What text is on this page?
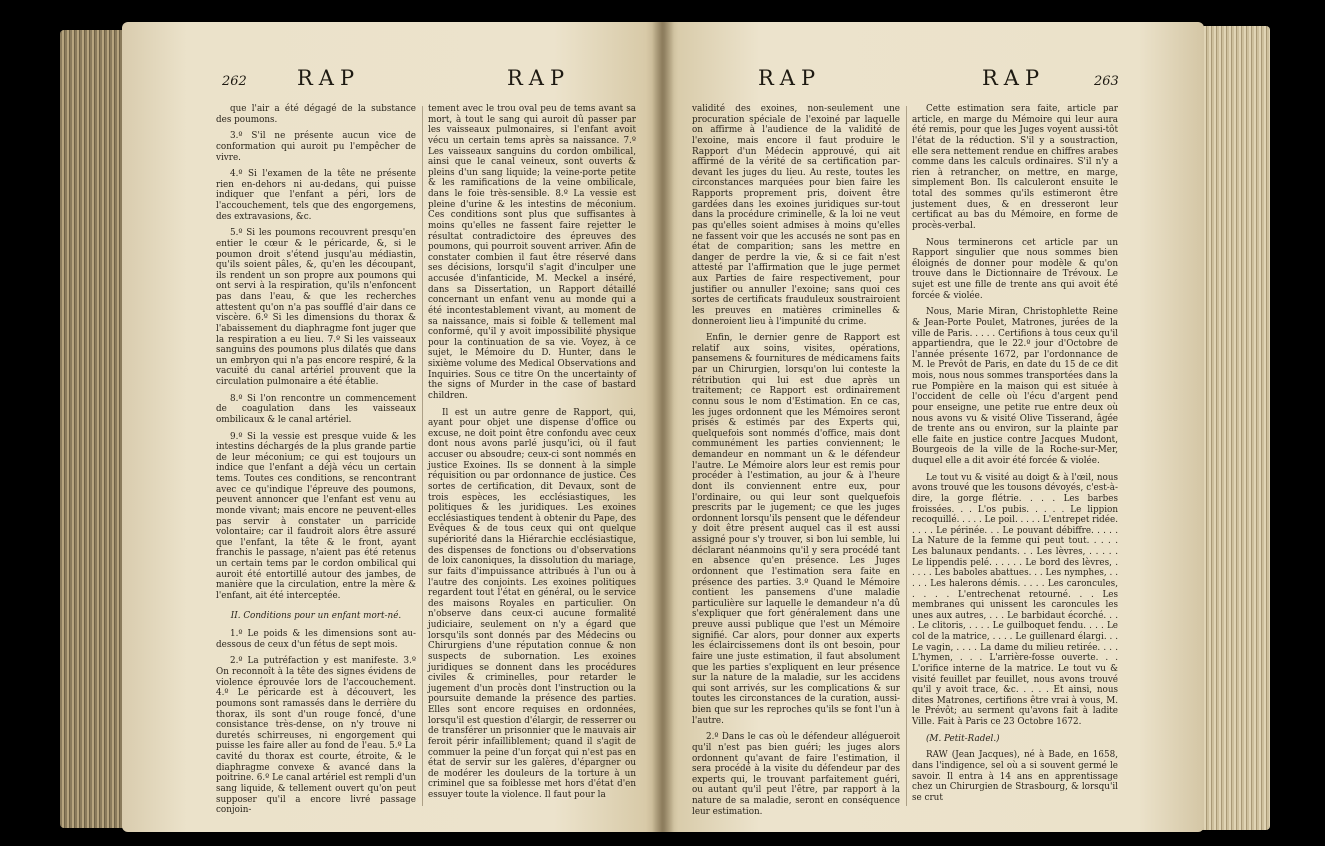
262 RAP	RAP

que l'air a été dégagé de la substance des poumons.

3.º S'il ne présente aucun vice de conformation qui auroit pu l'empêcher de vivre.

4.º Si l'examen de la tête ne présente rien en-dehors ni au-dedans, qui puisse indiquer que l'enfant a péri, lors de l'accouchement, tels que des engorgemens, des extravasions, &c.

5.º Si les poumons recouvrent presqu'en entier le cœur & le péricarde, &, si le poumon droit s'étend jusqu'au médiastin, qu'ils soient pâles, &, qu'en les découpant, ils rendent un son propre aux poumons qui ont servi à la respiration, qu'ils n'enfoncent pas dans l'eau, & que les recherches attestent qu'on n'a pas soufflé d'air dans ce viscère. 6.º Si les dimensions du thorax & l'abaissement du diaphragme font juger que la respiration a eu lieu. 7.º Si les vaisseaux sanguins des poumons plus dilatés que dans un embryon qui n'a pas encore respiré, & la vacuité du canal artériel prouvent que la circulation pulmonaire a été établie.

8.º Si l'on rencontre un commencement de coagulation dans les vaisseaux ombilicaux & le canal artériel.

9.º Si la vessie est presque vuide & les intestins déchargés de la plus grande partie de leur méconium; ce qui est toujours un indice que l'enfant a déjà vécu un certain tems. Toutes ces conditions, se rencontrant avec ce qu'indique l'épreuve des poumons, peuvent annoncer que l'enfant est venu au monde vivant; mais encore ne peuvent-elles pas servir à constater un parricide volontaire; car il faudroit alors être assuré que l'enfant, la tête & le front, ayant franchis le passage, n'aient pas été retenus un certain tems par le cordon ombilical qui auroit été entortillé autour des jambes, de manière que la circulation, entre la mère & l'enfant, ait été interceptée.

II. Conditions pour un enfant mort-né.

1.º Le poids & les dimensions sont au-dessous de ceux d'un fétus de sept mois.

2.º La putréfaction y est manifeste. 3.º On reconnoît à la tête des signes évidens de violence éprouvée lors de l'accouchement. 4.º Le péricarde est à découvert, les poumons sont ramassés dans le derrière du thorax, ils sont d'un rouge foncé, d'une consistance très-dense, on n'y trouve ni duretés schirreuses, ni engorgement qui puisse les faire aller au fond de l'eau. 5.º La cavité du thorax est courte, étroite, & le diaphragme convexe & avancé dans la poitrine. 6.º Le canal artériel est rempli d'un sang liquide, & tellement ouvert qu'on peut supposer qu'il a encore livré passage conjoin-

tement avec le trou oval peu de tems avant sa mort, à tout le sang qui auroit dû passer par les vaisseaux pulmonaires, si l'enfant avoit vécu un certain tems après sa naissance. 7.º Les vaisseaux sanguins du cordon ombilical, ainsi que le canal veineux, sont ouverts & pleins d'un sang liquide; la veine-porte petite & les ramifications de la veine ombilicale, dans le foie très-sensible. 8.º La vessie est pleine d'urine & les intestins de méconium. Ces conditions sont plus que suffisantes à moins qu'elles ne fassent faire rejetter le résultat contradictoire des épreuves des poumons, qui pourroit souvent arriver. Afin de constater combien il faut être réservé dans ses décisions, lorsqu'il s'agit d'inculper une accusée d'infanticide, M. Meckel a inséré, dans sa Dissertation, un Rapport détaillé concernant un enfant venu au monde qui a été incontestablement vivant, au moment de sa naissance, mais si foible & tellement mal conformé, qu'il y avoit impossibilité physique pour la continuation de sa vie. Voyez, à ce sujet, le Mémoire du D. Hunter, dans le sixième volume des Medical Observations and Inquiries. Sous ce titre On the uncertainty of the signs of Murder in the case of bastard children.

Il est un autre genre de Rapport, qui, ayant pour objet une dispense d'office ou excuse, ne doit point être confondu avec ceux dont nous avons parlé jusqu'ici, où il faut accuser ou absoudre; ceux-ci sont nommés en justice Exoines. Ils se donnent à la simple réquisition ou par ordonnance de justice. Ces sortes de certification, dit Devaux, sont de trois espèces, les ecclésiastiques, les politiques & les juridiques. Les exoines ecclésiastiques tendent à obtenir du Pape, des Evêques & de tous ceux qui ont quelque supériorité dans la Hiérarchie ecclésiastique, des dispenses de fonctions ou d'observations de loix canoniques, la dissolution du mariage, sur faits d'impuissance attribués à l'un ou à l'autre des conjoints. Les exoines politiques regardent tout l'état en général, ou le service des maisons Royales en particulier. On n'observe dans ceux-ci aucune formalité judiciaire, seulement on n'y a égard que lorsqu'ils sont donnés par des Médecins ou Chirurgiens d'une réputation connue & non suspects de subornation. Les exoines juridiques se donnent dans les procédures civiles & criminelles, pour retarder le jugement d'un procès dont l'instruction ou la poursuite demande la présence des parties. Elles sont encore requises en ordonnées, lorsqu'il est question d'élargir, de resserrer ou de transférer un prisonnier que le mauvais air feroit périr infailliblement; quand il s'agit de commuer la peine d'un forçat qui n'est pas en état de servir sur les galères, d'épargner ou de modérer les douleurs de la torture à un criminel que sa foiblesse met hors d'état d'en essuyer toute la violence. Il faut pour la

RAP	RAP	263

validité des exoines, non-seulement une procuration spéciale de l'exoiné par laquelle on affirme à l'audience de la validité de l'exoine, mais encore il faut produire le Rapport d'un Médecin approuvé, qui ait affirmé de la vérité de sa certification par-devant les juges du lieu. Au reste, toutes les circonstances marquées pour bien faire les Rapports proprement pris, doivent être gardées dans les exoines juridiques sur-tout dans la procédure criminelle, & la loi ne veut pas qu'elles soient admises à moins qu'elles ne fassent voir que les accusés ne sont pas en état de comparition; sans les mettre en danger de perdre la vie, & si ce fait n'est attesté par l'affirmation que le juge permet aux Parties de faire respectivement, pour justifier ou annuller l'exoine; sans quoi ces sortes de certificats frauduleux soustrairoient les preuves en matières criminelles & donneroient lieu à l'impunité du crime.

Enfin, le dernier genre de Rapport est relatif aux soins, visites, opérations, pansemens & fournitures de médicamens faits par un Chirurgien, lorsqu'on lui conteste la rétribution qui lui est due après un traitement; ce Rapport est ordinairement connu sous le nom d'Estimation. En ce cas, les juges ordonnent que les Mémoires seront prisés & estimés par des Experts qui, quelquefois sont nommés d'office, mais dont communément les parties conviennent; le demandeur en nommant un & le défendeur l'autre. Le Mémoire alors leur est remis pour procéder à l'estimation, au jour & à l'heure dont ils conviennent entre eux, pour l'ordinaire, ou qui leur sont quelquefois prescrits par le jugement; ce que les juges ordonnent lorsqu'ils pensent que le défendeur y doit être présent auquel cas il est aussi assigné pour s'y trouver, si bon lui semble, lui déclarant néanmoins qu'il y sera procédé tant en absence qu'en présence. Les Juges ordonnent que l'estimation sera faite en présence des parties. 3.º Quand le Mémoire contient les pansemens d'une maladie particulière sur laquelle le demandeur n'a dû s'expliquer que fort généralement dans une preuve aussi publique que l'est un Mémoire signifié. Car alors, pour donner aux experts les éclaircissemens dont ils ont besoin, pour faire une juste estimation, il faut absolument que les parties s'expliquent en leur présence sur la nature de la maladie, sur les accidens qui sont arrivés, sur les complications & sur toutes les circonstances de la curation, aussi-bien que sur les reproches qu'ils se font l'un à l'autre.

2.º Dans le cas où le défendeur allégueroit qu'il n'est pas bien guéri; les juges alors ordonnent qu'avant de faire l'estimation, il sera procédé à la visite du défendeur par des experts qui, le trouvant parfaitement guéri, ou autant qu'il peut l'être, par rapport à la nature de sa maladie, seront en conséquence leur estimation.

Cette estimation sera faite, article par article, en marge du Mémoire qui leur aura été remis, pour que les Juges voyent aussi-tôt l'état de la réduction. S'il y a soustraction, elle sera nettement rendue en chiffres arabes comme dans les calculs ordinaires. S'il n'y a rien à retrancher, on mettre, en marge, simplement Bon. Ils calculeront ensuite le total des sommes qu'ils estimeront être justement dues, & en dresseront leur certificat au bas du Mémoire, en forme de procès-verbal.

Nous terminerons cet article par un Rapport singulier que nous sommes bien éloignés de donner pour modèle & qu'on trouve dans le Dictionnaire de Trévoux. Le sujet est une fille de trente ans qui avoit été forcée & violée.

Nous, Marie Miran, Christophlette Reine & Jean-Porte Poulet, Matrones, jurées de la ville de Paris. . . . . Certifions à tous ceux qu'il appartiendra, que le 22.º jour d'Octobre de l'année présente 1672, par l'ordonnance de M. le Prevôt de Paris, en date du 15 de ce dit mois, nous nous sommes transportées dans la rue Pompière en la maison qui est située à l'occident de celle où l'écu d'argent pend pour enseigne, une petite rue entre deux où nous avons vu & visité Olive Tisserand, âgée de trente ans ou environ, sur la plainte par elle faite en justice contre Jacques Mudont, Bourgeois de la ville de la Roche-sur-Mer, duquel elle a dit avoir été forcée & violée.

Le tout vu & visité au doigt & à l'œil, nous avons trouvé que les tousons dévoyés, c'est-à-dire, la gorge flétrie. . . . Les barbes froissées. . . L'os pubis. . . . . Le lippion recoquillé. . . . . Le poil. . . . . L'entrepet ridée. . . . . Le périnée. . . Le pouvant débiffre. . . . . La Nature de la femme qui peut tout. . . . . Les balunaux pendants. . . Les lèvres, . . . . . Le lippendis pelé. . . . . . Le bord des lèvres, . . . . . Les baboles abattues. . . Les nymphes, . . . . . Les halerons démis. . . . . Les caroncules, . . . . L'entrechenat retourné. . . Les membranes qui unissent les caroncules les unes aux autres, . . . Le barbidaut écorché. . . . Le clitoris, . . . . Le guilboquet fendu. . . . Le col de la matrice, . . . . Le guillenard élargi. . . Le vagin, . . . . La dame du milieu retirée. . . . L'hymen, . . . L'arrière-fosse ouverte. . . L'orifice interne de la matrice. Le tout vu & visité feuillet par feuillet, nous avons trouvé qu'il y avoit trace, &c. . . . . Et ainsi, nous dites Matrones, certifions être vrai à vous, M. le Prévôt; au serment qu'avons fait à ladite Ville. Fait à Paris ce 23 Octobre 1672.

(M. Petit-Radel.)

RAW (Jean Jacques), né à Bade, en 1658, dans l'indigence, sel où a si souvent germé le savoir. Il entra à 14 ans en apprentissage chez un Chirurgien de Strasbourg, & lorsqu'il se crut
